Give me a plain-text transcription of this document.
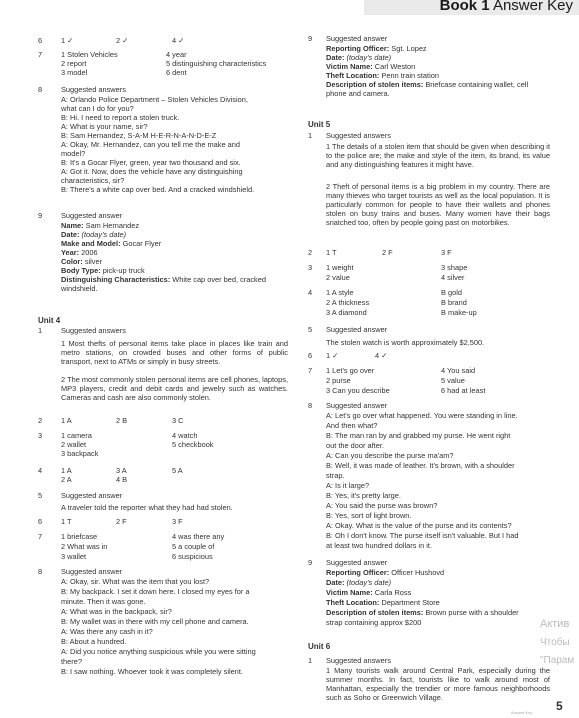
Book 1 Answer Key
6	1 ✓	2 ✓	4 ✓
7	1 Stolen Vehicles	4 year
2 report	5 distinguishing characteristics
3 model	6 dent
8	Suggested answers
A: Orlando Police Department – Stolen Vehicles Division,
what can I do for you?
B: Hi. I need to report a stolen truck.
A: What is your name, sir?
B: Sam Hernandez, S-A-M H-E-R-N-A-N-D-E-Z
A: Okay, Mr. Hernandez, can you tell me the make and
model?
B: It's a Gocar Flyer, green, year two thousand and six.
A: Got it. Now, does the vehicle have any distinguishing
characteristics, sir?
B: There's a white cap over bed. And a cracked windshield.
9	Suggested answer
Name: Sam Hernandez
Date: (today's date)
Make and Model: Gocar Flyer
Year: 2006
Color: silver
Body Type: pick-up truck
Distinguishing Characteristics: White cap over bed, cracked
windshield.
Unit 4
1	Suggested answers
1 Most thefts of personal items take place in places like train and metro stations, on crowded buses and other forms of public transport, next to ATMs or simply in busy streets.
2 The most commonly stolen personal items are cell phones, laptops, MP3 players, credit and debit cards and jewelry such as watches. Cameras and cash are also commonly stolen.
2	1 A	2 B	3 C
3	1 camera	4 watch
2 wallet	5 checkbook
3 backpack
4	1 A	3 A	5 A
2 A	4 B
5	Suggested answer
A traveler told the reporter what they had had stolen.
6	1 T	2 F	3 F
7	1 briefcase	4 was there any
2 What was in	5 a couple of
3 wallet	6 suspicious
8	Suggested answer
A: Okay, sir. What was the item that you lost?
B: My backpack. I set it down here. I closed my eyes for a
minute. Then it was gone.
A: What was in the backpack, sir?
B: My wallet was in there with my cell phone and camera.
A: Was there any cash in it?
B: About a hundred.
A: Did you notice anything suspicious while you were sitting
there?
B: I saw nothing. Whoever took it was completely silent.
9 Suggested answer
Reporting Officer: Sgt. Lopez
Date: (today's date)
Victim Name: Carl Weston
Theft Location: Penn train station
Description of stolen items: Briefcase containing wallet, cell
phone and camera.
Unit 5
1 Suggested answers
1 The details of a stolen item that should be given when describing it to the police are; the make and style of the item, its brand, its value and any distinguishing features it might have.
2 Theft of personal items is a big problem in my country. There are many thieves who target tourists as well as the local population. It is particularly common for people to have their wallets and phones stolen on busy trains and buses. Many women have their bags snatched too, often by people going past on motorbikes.
2 1 T	2 F	3 F
3 1 weight	3 shape
2 value	4 silver
4 1 A style	B gold
2 A thickness	B brand
3 A diamond	B make-up
5 Suggested answer
The stolen watch is worth approximately $2,500.
6 1 ✓	4 ✓
7 1 Let's go over	4 You said
2 purse	5 value
3 Can you describe	6 had at least
8 Suggested answer
A: Let's go over what happened. You were standing in line.
And then what?
B: The man ran by and grabbed my purse. He went right
out the door after.
A: Can you describe the purse ma'am?
B: Well, it was made of leather. It's brown, with a shoulder
strap.
A: Is it large?
B: Yes, it's pretty large.
A: You said the purse was brown?
B: Yes, sort of light brown.
A: Okay. What is the value of the purse and its contents?
B: Oh I don't know. The purse itself isn't valuable. But I had
at least two hundred dollars in it.
9 Suggested answer
Reporting Officer: Officer Hushovd
Date: (today's date)
Victim Name: Carla Ross
Theft Location: Department Store
Description of stolen items: Brown purse with a shoulder
strap containing approx $200
Unit 6
1 Suggested answers
1 Many tourists walk around Central Park, especially during the summer months. In fact, tourists like to walk around most of Manhattan, especially the trendier or more famous neighborhoods such as Soho or Greenwich Village.
Актив
Чтобы
"Парам
Answer Key 5
